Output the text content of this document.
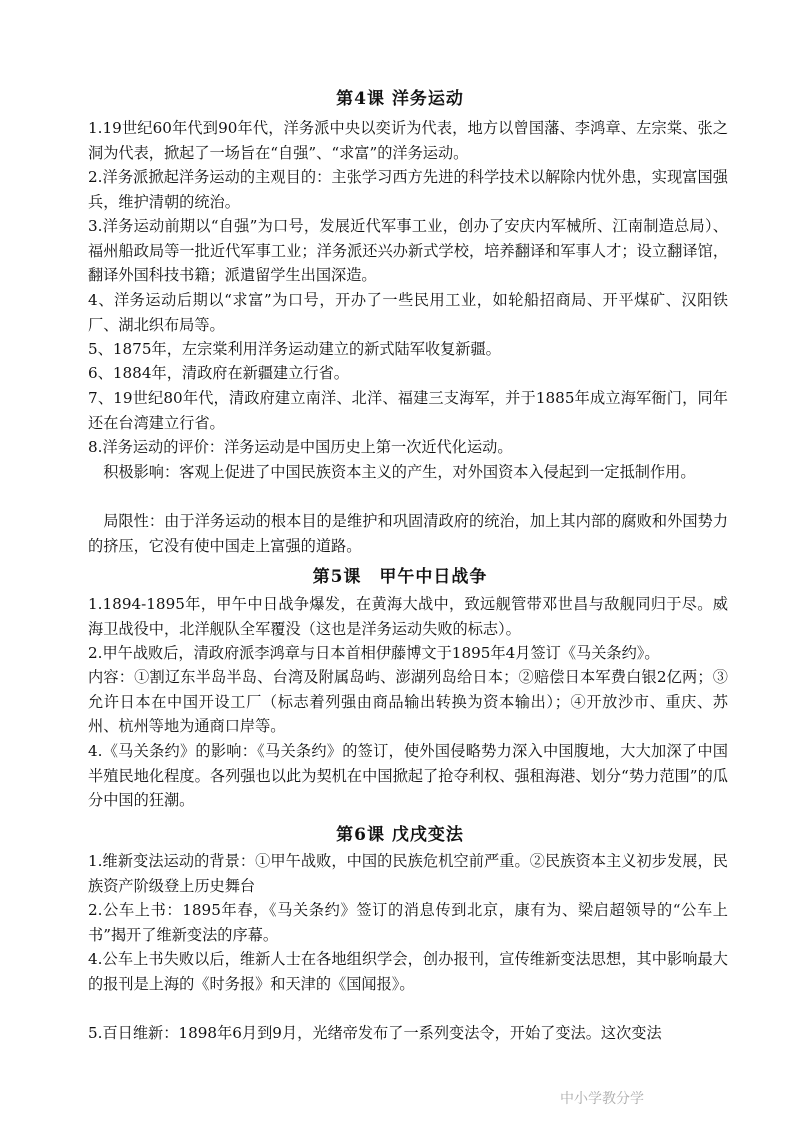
第4课 洋务运动
1.19世纪60年代到90年代，洋务派中央以奕䜣为代表，地方以曾国藩、李鸿章、左宗棠、张之洞为代表，掀起了一场旨在“自强”、“求富”的洋务运动。
2.洋务派掀起洋务运动的主观目的：主张学习西方先进的科学技术以解除内忧外患，实现富国强兵，维护清朝的统治。
3.洋务运动前期以“自强”为口号，发展近代军事工业，创办了安庆内军械所、江南制造总局）、福州船政局等一批近代军事工业；洋务派还兴办新式学校，培养翻译和军事人才；设立翻译馆，翻译外国科技书籍；派遣留学生出国深造。
4、洋务运动后期以“求富”为口号，开办了一些民用工业，如轮船招商局、开平煤矿、汉阳铁厂、湖北织布局等。
5、1875年，左宗棠利用洋务运动建立的新式陆军收复新疆。
6、1884年，清政府在新疆建立行省。
7、19世纪80年代，清政府建立南洋、北洋、福建三支海军，并于1885年成立海军衙门，同年还在台湾建立行省。
8.洋务运动的评价：洋务运动是中国历史上第一次近代化运动。
积极影响：客观上促进了中国民族资本主义的产生，对外国资本入侵起到一定抵制作用。
局限性：由于洋务运动的根本目的是维护和巩固清政府的统治，加上其内部的腐败和外国势力的挤压，它没有使中国走上富强的道路。
第5课　甲午中日战争
1.1894-1895年，甲午中日战争爆发，在黄海大战中，致远舰管带邓世昌与敌舰同归于尽。威海卫战役中，北洋舰队全军覆没（这也是洋务运动失败的标志）。
2.甲午战败后，清政府派李鸿章与日本首相伊藤博文于1895年4月签订《马关条约》。
内容：①割辽东半岛半岛、台湾及附属岛屿、澎湖列岛给日本；②赔偿日本军费白银2亿两；③允许日本在中国开设工厂（标志着列强由商品输出转换为资本输出）；④开放沙市、重庆、苏州、杭州等地为通商口岸等。
4.《马关条约》的影响：《马关条约》的签订，使外国侵略势力深入中国腹地，大大加深了中国半殖民地化程度。各列强也以此为契机在中国掀起了抢夺利权、强租海港、划分“势力范围”的瓜分中国的狂潮。
第6课 戊戌变法
1.维新变法运动的背景：①甲午战败，中国的民族危机空前严重。②民族资本主义初步发展，民族资产阶级登上历史舞台
2.公车上书：1895年春，《马关条约》签订的消息传到北京，康有为、梁启超领导的“公车上书”揭开了维新变法的序幕。
4.公车上书失败以后，维新人士在各地组织学会，创办报刊，宣传维新变法思想，其中影响最大的报刊是上海的《时务报》和天津的《国闻报》。
5.百日维新：1898年6月到9月，光绪帝发布了一系列变法令，开始了变法。这次变法
中小学教分学
